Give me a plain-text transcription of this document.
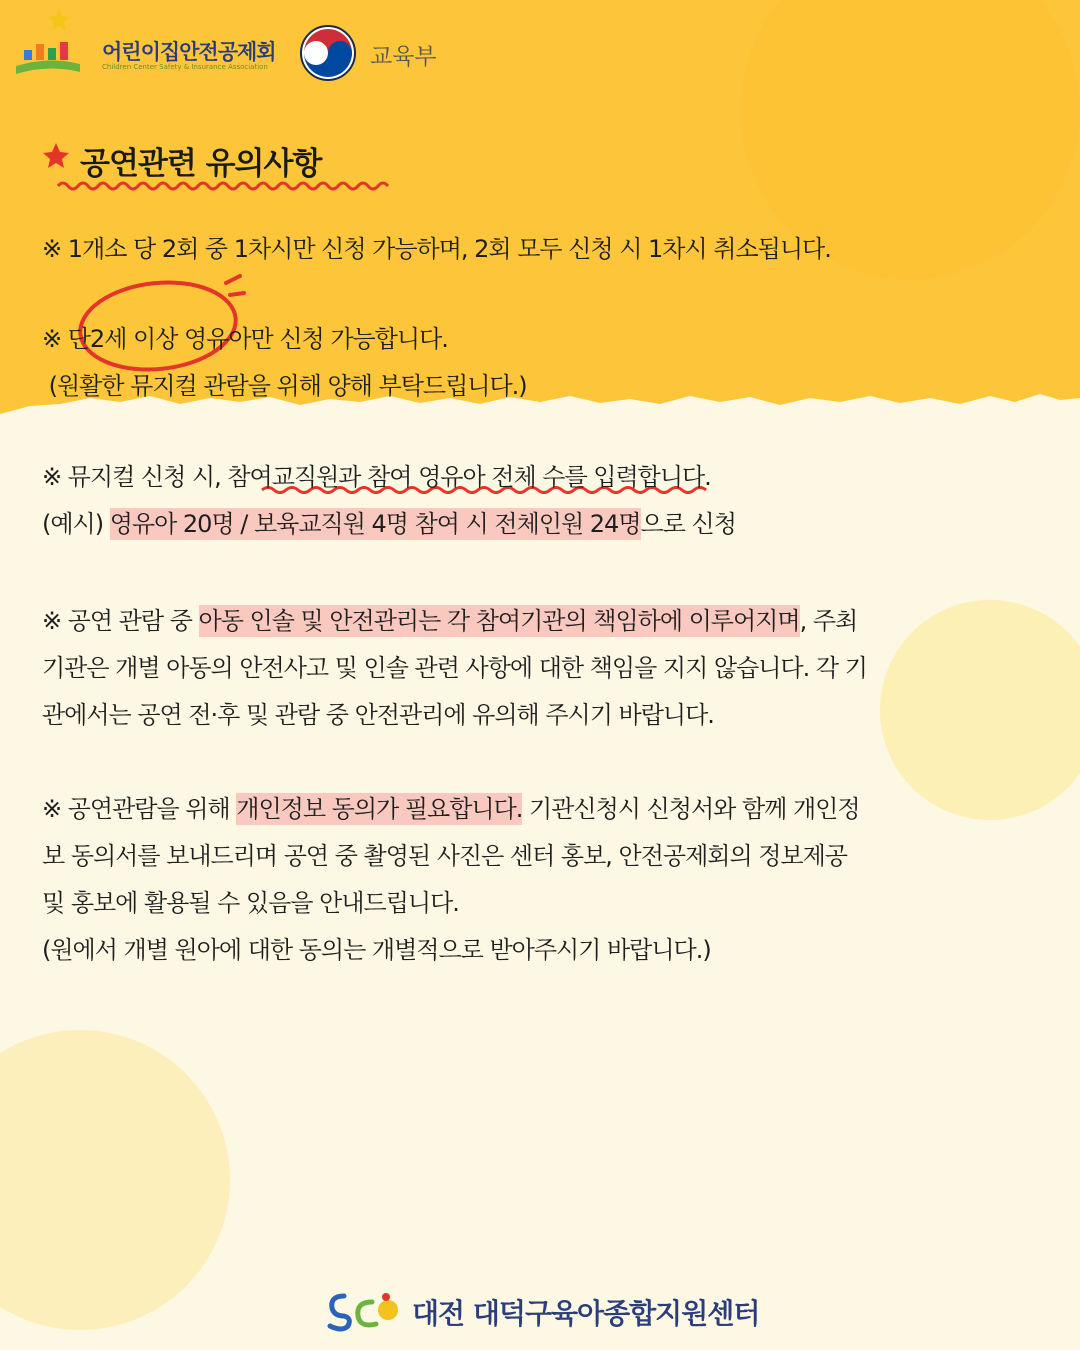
어린이집안전공제회
Children Center Safety & Insurance Association	교육부
공연관련 유의사항
※ 1개소 당 2회 중 1차시만 신청 가능하며, 2회 모두 신청 시 1차시 취소됩니다.
※ 단2세 이상 영유아만 신청 가능합니다.
(원활한 뮤지컬 관람을 위해 양해 부탁드립니다.)
※ 뮤지컬 신청 시, 참여교직원과 참여 영유아 전체 수를 입력합니다.
(예시) 영유아 20명 / 보육교직원 4명 참여 시 전체인원 24명으로 신청
※ 공연 관람 중 아동 인솔 및 안전관리는 각 참여기관의 책임하에 이루어지며, 주최
기관은 개별 아동의 안전사고 및 인솔 관련 사항에 대한 책임을 지지 않습니다. 각 기
관에서는 공연 전·후 및 관람 중 안전관리에 유의해 주시기 바랍니다.
※ 공연관람을 위해 개인정보 동의가 필요합니다. 기관신청시 신청서와 함께 개인정
보 동의서를 보내드리며 공연 중 촬영된 사진은 센터 홍보, 안전공제회의 정보제공
및 홍보에 활용될 수 있음을 안내드립니다.
(원에서 개별 원아에 대한 동의는 개별적으로 받아주시기 바랍니다.)
대전 대덕구육아종합지원센터
